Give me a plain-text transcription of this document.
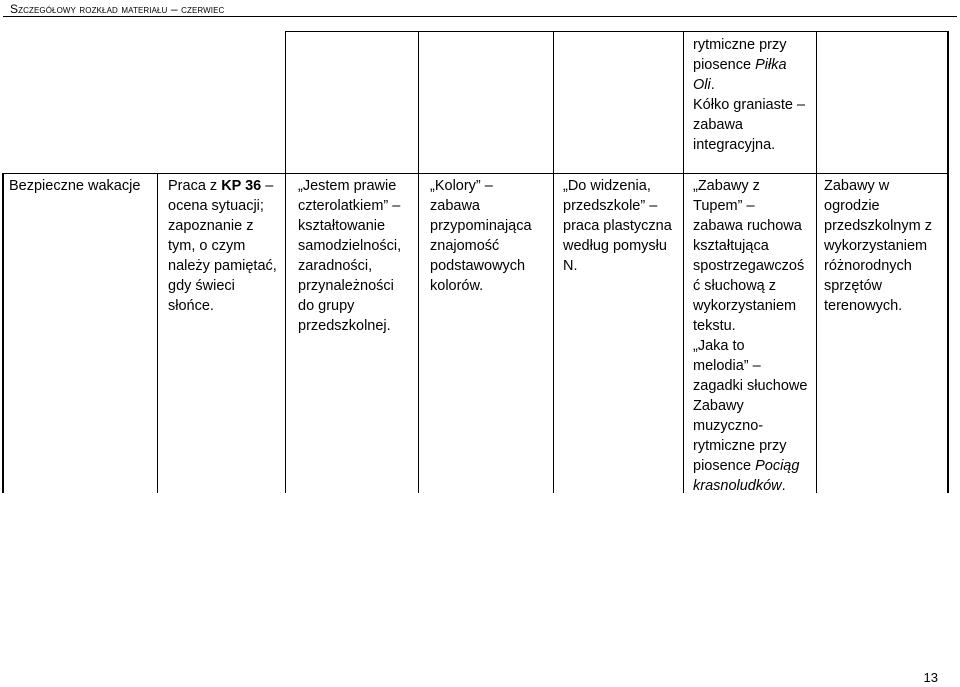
Szczegółowy rozkład materiału – czerwiec
rytmiczne przy
piosence Piłka
Oli.
Kółko graniaste –
zabawa
integracyjna.
Bezpieczne wakacje	Praca z KP 36 –
ocena sytuacji;
zapoznanie z
tym, o czym
należy pamiętać,
gdy świeci
słońce.
„Jestem prawie
czterolatkiem” –
kształtowanie
samodzielności,
zaradności,
przynależności
do grupy
przedszkolnej.
„Kolory” –
zabawa
przypominająca
znajomość
podstawowych
kolorów.
„Do widzenia,
przedszkole” –
praca plastyczna
według pomysłu
N.
„Zabawy z
Tupem” –
zabawa ruchowa
kształtująca
spostrzegawczoś
ć słuchową z
wykorzystaniem
tekstu.
„Jaka to
melodia” –
zagadki słuchowe
Zabawy
muzyczno-
rytmiczne przy
piosence Pociąg
krasnoludków.
Zabawy w
ogrodzie
przedszkolnym z
wykorzystaniem
różnorodnych
sprzętów
terenowych.
13
